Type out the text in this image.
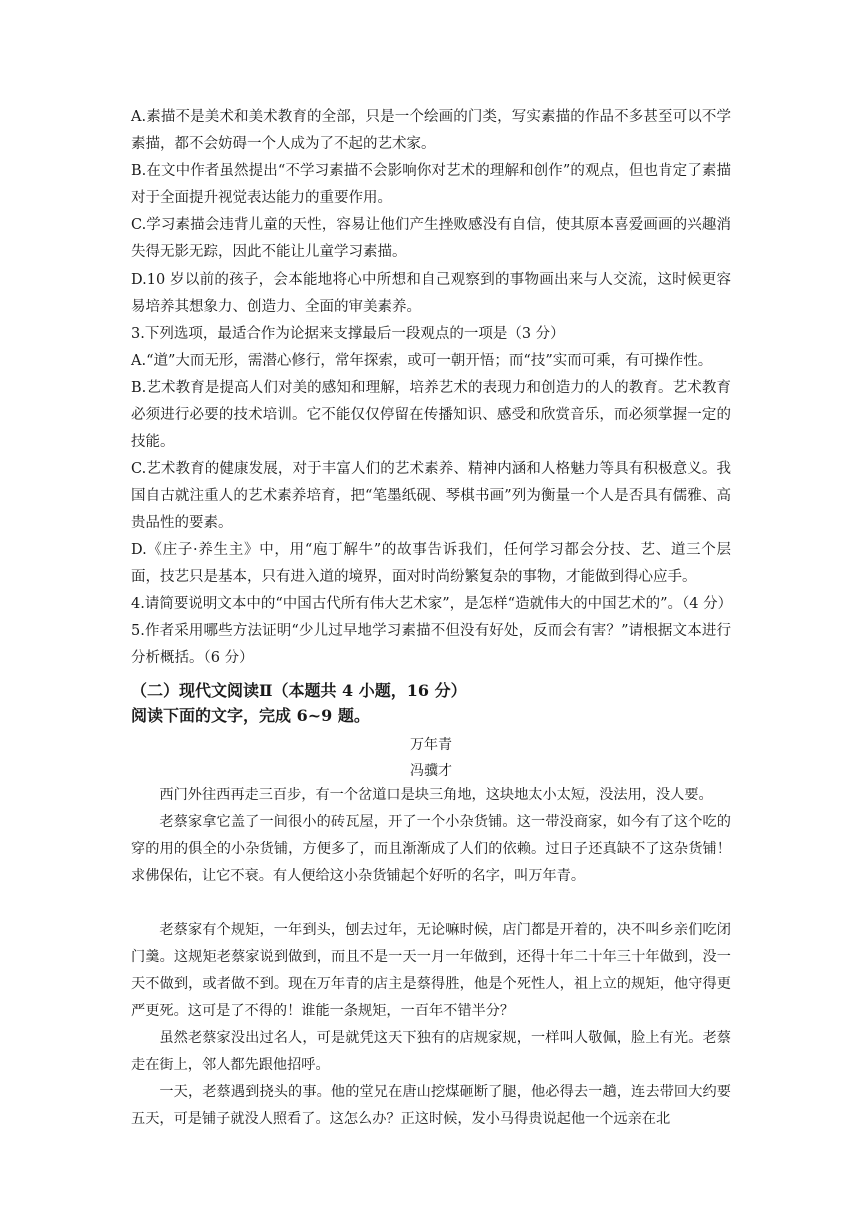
A.素描不是美术和美术教育的全部，只是一个绘画的门类，写实素描的作品不多甚至可以不学素描，都不会妨碍一个人成为了不起的艺术家。

B.在文中作者虽然提出“不学习素描不会影响你对艺术的理解和创作”的观点，但也肯定了素描对于全面提升视觉表达能力的重要作用。

C.学习素描会违背儿童的天性，容易让他们产生挫败感没有自信，使其原本喜爱画画的兴趣消失得无影无踪，因此不能让儿童学习素描。

D.10 岁以前的孩子，会本能地将心中所想和自己观察到的事物画出来与人交流，这时候更容易培养其想象力、创造力、全面的审美素养。

3.下列选项，最适合作为论据来支撑最后一段观点的一项是（3 分）

A.“道”大而无形，需潜心修行，常年探索，或可一朝开悟；而“技”实而可乘，有可操作性。

B.艺术教育是提高人们对美的感知和理解，培养艺术的表现力和创造力的人的教育。艺术教育必须进行必要的技术培训。它不能仅仅停留在传播知识、感受和欣赏音乐，而必须掌握一定的技能。

C.艺术教育的健康发展，对于丰富人们的艺术素养、精神内涵和人格魅力等具有积极意义。我国自古就注重人的艺术素养培育，把“笔墨纸砚、琴棋书画”列为衡量一个人是否具有儒雅、高贵品性的要素。

D.《庄子·养生主》中，用“庖丁解牛”的故事告诉我们，任何学习都会分技、艺、道三个层面，技艺只是基本，只有进入道的境界，面对时尚纷繁复杂的事物，才能做到得心应手。

4.请简要说明文本中的“中国古代所有伟大艺术家”，是怎样“造就伟大的中国艺术的”。（4 分）

5.作者采用哪些方法证明“少儿过早地学习素描不但没有好处，反而会有害？”请根据文本进行分析概括。（6 分）

（二）现代文阅读Ⅱ（本题共 4 小题，16 分）

阅读下面的文字，完成 6~9 题。

万年青

冯骥才

西门外往西再走三百步，有一个岔道口是块三角地，这块地太小太短，没法用，没人要。

老蔡家拿它盖了一间很小的砖瓦屋，开了一个小杂货铺。这一带没商家，如今有了这个吃的穿的用的俱全的小杂货铺，方便多了，而且渐渐成了人们的依赖。过日子还真缺不了这杂货铺！求佛保佑，让它不衰。有人便给这小杂货铺起个好听的名字，叫万年青。

老蔡家有个规矩，一年到头，刨去过年，无论嘛时候，店门都是开着的，决不叫乡亲们吃闭门羹。这规矩老蔡家说到做到，而且不是一天一月一年做到，还得十年二十年三十年做到，没一天不做到，或者做不到。现在万年青的店主是蔡得胜，他是个死性人，祖上立的规矩，他守得更严更死。这可是了不得的！谁能一条规矩，一百年不错半分？

虽然老蔡家没出过名人，可是就凭这天下独有的店规家规，一样叫人敬佩，脸上有光。老蔡走在街上，邻人都先跟他招呼。

一天，老蔡遇到挠头的事。他的堂兄在唐山挖煤砸断了腿，他必得去一趟，连去带回大约要五天，可是铺子就没人照看了。这怎么办？正这时候，发小马得贵说起他一个远亲在北
